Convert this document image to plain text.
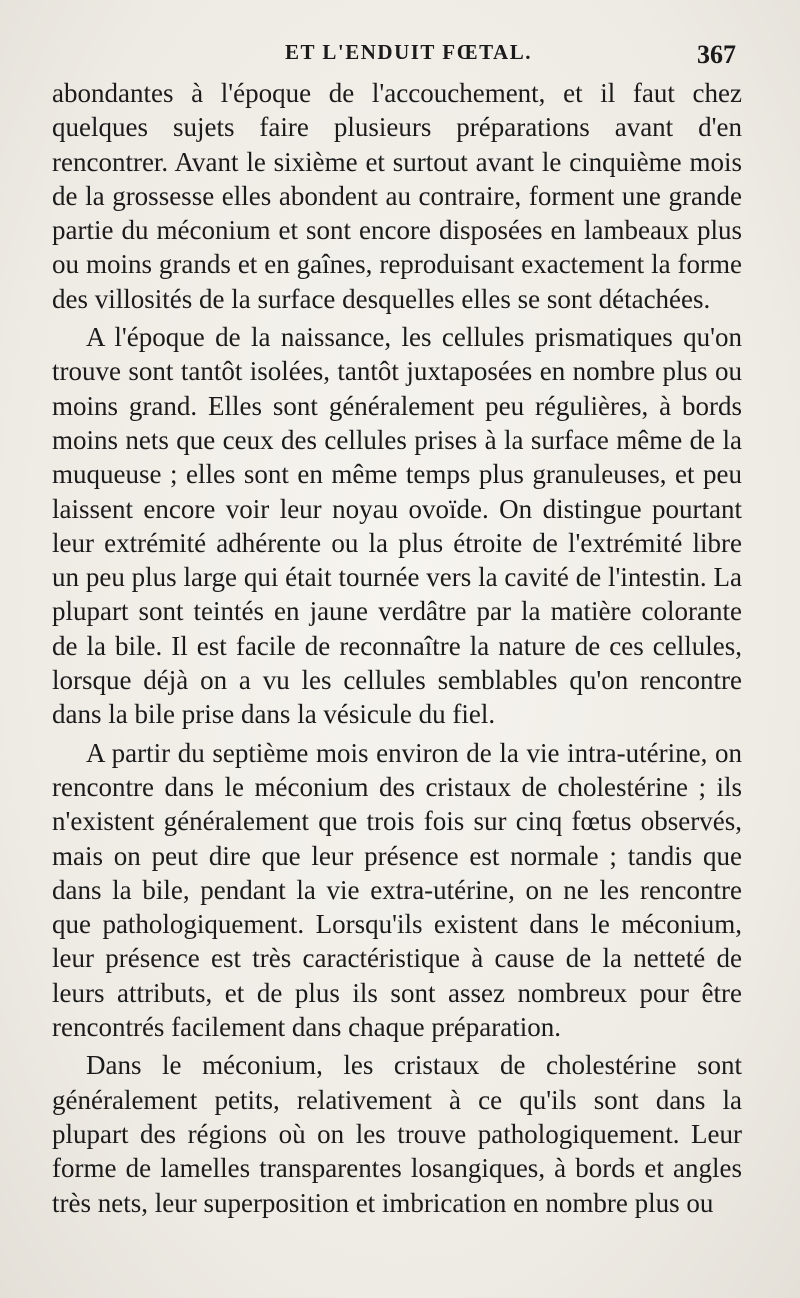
ET L'ENDUIT FŒTAL.	367

abondantes à l'époque de l'accouchement, et il faut chez quelques sujets faire plusieurs préparations avant d'en rencontrer. Avant le sixième et surtout avant le cinquième mois de la grossesse elles abondent au contraire, forment une grande partie du méconium et sont encore disposées en lambeaux plus ou moins grands et en gaînes, reproduisant exactement la forme des villosités de la surface desquelles elles se sont détachées.

A l'époque de la naissance, les cellules prismatiques qu'on trouve sont tantôt isolées, tantôt juxtaposées en nombre plus ou moins grand. Elles sont généralement peu régulières, à bords moins nets que ceux des cellules prises à la surface même de la muqueuse ; elles sont en même temps plus granuleuses, et peu laissent encore voir leur noyau ovoïde. On distingue pourtant leur extrémité adhérente ou la plus étroite de l'extrémité libre un peu plus large qui était tournée vers la cavité de l'intestin. La plupart sont teintés en jaune verdâtre par la matière colorante de la bile. Il est facile de reconnaître la nature de ces cellules, lorsque déjà on a vu les cellules semblables qu'on rencontre dans la bile prise dans la vésicule du fiel.

A partir du septième mois environ de la vie intra-utérine, on rencontre dans le méconium des cristaux de cholestérine ; ils n'existent généralement que trois fois sur cinq fœtus observés, mais on peut dire que leur présence est normale ; tandis que dans la bile, pendant la vie extra-utérine, on ne les rencontre que pathologiquement. Lorsqu'ils existent dans le méconium, leur présence est très caractéristique à cause de la netteté de leurs attributs, et de plus ils sont assez nombreux pour être rencontrés facilement dans chaque préparation.

Dans le méconium, les cristaux de cholestérine sont généralement petits, relativement à ce qu'ils sont dans la plupart des régions où on les trouve pathologiquement. Leur forme de lamelles transparentes losangiques, à bords et angles très nets, leur superposition et imbrication en nombre plus ou
